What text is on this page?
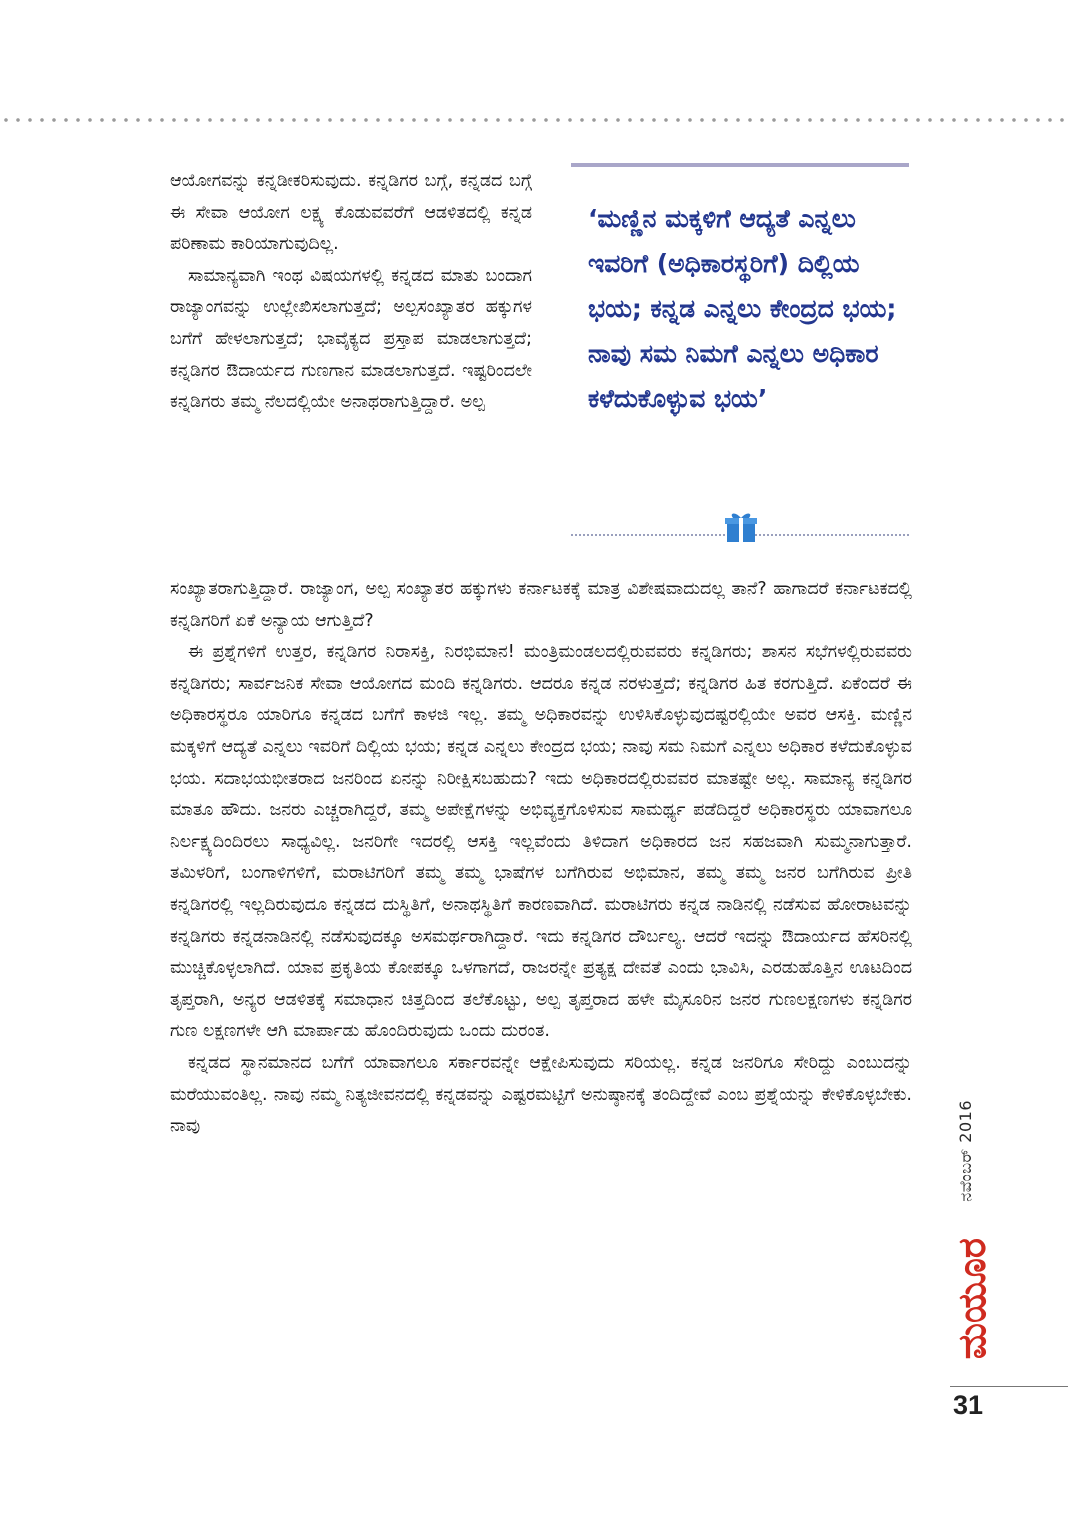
ಆಯೋಗವನ್ನು ಕನ್ನಡೀಕರಿಸುವುದು. ಕನ್ನಡಿಗರ ಬಗ್ಗೆ, ಕನ್ನಡದ ಬಗ್ಗೆ ಈ ಸೇವಾ ಆಯೋಗ ಲಕ್ಷ್ಯ ಕೊಡುವವರೆಗೆ ಆಡಳಿತದಲ್ಲಿ ಕನ್ನಡ ಪರಿಣಾಮ ಕಾರಿಯಾಗುವುದಿಲ್ಲ.

ಸಾಮಾನ್ಯವಾಗಿ ಇಂಥ ವಿಷಯಗಳಲ್ಲಿ ಕನ್ನಡದ ಮಾತು ಬಂದಾಗ ರಾಜ್ಯಾಂಗವನ್ನು ಉಲ್ಲೇಖಿಸಲಾಗುತ್ತದೆ; ಅಲ್ಪಸಂಖ್ಯಾತರ ಹಕ್ಕುಗಳ ಬಗೆಗೆ ಹೇಳಲಾಗುತ್ತದೆ; ಭಾವೈಕ್ಯದ ಪ್ರಸ್ತಾಪ ಮಾಡಲಾಗುತ್ತದೆ; ಕನ್ನಡಿಗರ ಔದಾರ್ಯದ ಗುಣಗಾನ ಮಾಡಲಾಗುತ್ತದೆ. ಇಷ್ಟರಿಂದಲೇ ಕನ್ನಡಿಗರು ತಮ್ಮ ನೆಲದಲ್ಲಿಯೇ ಅನಾಥರಾಗುತ್ತಿದ್ದಾರೆ. ಅಲ್ಪ

‘ಮಣ್ಣಿನ ಮಕ್ಕಳಿಗೆ ಆದ್ಯತೆ ಎನ್ನಲು ಇವರಿಗೆ (ಅಧಿಕಾರಸ್ಥರಿಗೆ) ದಿಲ್ಲಿಯ ಭಯ; ಕನ್ನಡ ಎನ್ನಲು ಕೇಂದ್ರದ ಭಯ; ನಾವು ಸಮ ನಿಮಗೆ ಎನ್ನಲು ಅಧಿಕಾರ ಕಳೆದುಕೊಳ್ಳುವ ಭಯ’

ಸಂಖ್ಯಾತರಾಗುತ್ತಿದ್ದಾರೆ. ರಾಜ್ಯಾಂಗ, ಅಲ್ಪ ಸಂಖ್ಯಾತರ ಹಕ್ಕುಗಳು ಕರ್ನಾಟಕಕ್ಕೆ ಮಾತ್ರ ವಿಶೇಷವಾದುದಲ್ಲ ತಾನೆ? ಹಾಗಾದರೆ ಕರ್ನಾಟಕದಲ್ಲಿ ಕನ್ನಡಿಗರಿಗೆ ಏಕೆ ಅನ್ಯಾಯ ಆಗುತ್ತಿದೆ?

ಈ ಪ್ರಶ್ನೆಗಳಿಗೆ ಉತ್ತರ, ಕನ್ನಡಿಗರ ನಿರಾಸಕ್ತಿ, ನಿರಭಿಮಾನ! ಮಂತ್ರಿಮಂಡಲದಲ್ಲಿರುವವರು ಕನ್ನಡಿಗರು; ಶಾಸನ ಸಭೆಗಳಲ್ಲಿರುವವರು ಕನ್ನಡಿಗರು; ಸಾರ್ವಜನಿಕ ಸೇವಾ ಆಯೋಗದ ಮಂದಿ ಕನ್ನಡಿಗರು. ಆದರೂ ಕನ್ನಡ ನರಳುತ್ತದೆ; ಕನ್ನಡಿಗರ ಹಿತ ಕರಗುತ್ತಿದೆ. ಏಕೆಂದರೆ ಈ ಅಧಿಕಾರಸ್ಥರೂ ಯಾರಿಗೂ ಕನ್ನಡದ ಬಗೆಗೆ ಕಾಳಜಿ ಇಲ್ಲ. ತಮ್ಮ ಅಧಿಕಾರವನ್ನು ಉಳಿಸಿಕೊಳ್ಳುವುದಷ್ಟರಲ್ಲಿಯೇ ಅವರ ಆಸಕ್ತಿ. ಮಣ್ಣಿನ ಮಕ್ಕಳಿಗೆ ಆದ್ಯತೆ ಎನ್ನಲು ಇವರಿಗೆ ದಿಲ್ಲಿಯ ಭಯ; ಕನ್ನಡ ಎನ್ನಲು ಕೇಂದ್ರದ ಭಯ; ನಾವು ಸಮ ನಿಮಗೆ ಎನ್ನಲು ಅಧಿಕಾರ ಕಳೆದುಕೊಳ್ಳುವ ಭಯ. ಸದಾಭಯಭೀತರಾದ ಜನರಿಂದ ಏನನ್ನು ನಿರೀಕ್ಷಿಸಬಹುದು? ಇದು ಅಧಿಕಾರದಲ್ಲಿರುವವರ ಮಾತಷ್ಟೇ ಅಲ್ಲ. ಸಾಮಾನ್ಯ ಕನ್ನಡಿಗರ ಮಾತೂ ಹೌದು. ಜನರು ಎಚ್ಚರಾಗಿದ್ದರೆ, ತಮ್ಮ ಅಪೇಕ್ಷೆಗಳನ್ನು ಅಭಿವ್ಯಕ್ತಗೊಳಿಸುವ ಸಾಮರ್ಥ್ಯ ಪಡೆದಿದ್ದರೆ ಅಧಿಕಾರಸ್ಥರು ಯಾವಾಗಲೂ ನಿರ್ಲಕ್ಷ್ಯದಿಂದಿರಲು ಸಾಧ್ಯವಿಲ್ಲ. ಜನರಿಗೇ ಇದರಲ್ಲಿ ಆಸಕ್ತಿ ಇಲ್ಲವೆಂದು ತಿಳಿದಾಗ ಅಧಿಕಾರದ ಜನ ಸಹಜವಾಗಿ ಸುಮ್ಮನಾಗುತ್ತಾರೆ. ತಮಿಳರಿಗೆ, ಬಂಗಾಳಿಗಳಿಗೆ, ಮರಾಟಿಗರಿಗೆ ತಮ್ಮ ತಮ್ಮ ಭಾಷೆಗಳ ಬಗೆಗಿರುವ ಅಭಿಮಾನ, ತಮ್ಮ ತಮ್ಮ ಜನರ ಬಗೆಗಿರುವ ಪ್ರೀತಿ ಕನ್ನಡಿಗರಲ್ಲಿ ಇಲ್ಲದಿರುವುದೂ ಕನ್ನಡದ ದುಸ್ಥಿತಿಗೆ, ಅನಾಥಸ್ಥಿತಿಗೆ ಕಾರಣವಾಗಿದೆ. ಮರಾಟಿಗರು ಕನ್ನಡ ನಾಡಿನಲ್ಲಿ ನಡೆಸುವ ಹೋರಾಟವನ್ನು ಕನ್ನಡಿಗರು ಕನ್ನಡನಾಡಿನಲ್ಲಿ ನಡೆಸುವುದಕ್ಕೂ ಅಸಮರ್ಥರಾಗಿದ್ದಾರೆ. ಇದು ಕನ್ನಡಿಗರ ದೌರ್ಬಲ್ಯ. ಆದರೆ ಇದನ್ನು ಔದಾರ್ಯದ ಹೆಸರಿನಲ್ಲಿ ಮುಚ್ಚಿಕೊಳ್ಳಲಾಗಿದೆ. ಯಾವ ಪ್ರಕೃತಿಯ ಕೋಪಕ್ಕೂ ಒಳಗಾಗದೆ, ರಾಜರನ್ನೇ ಪ್ರತ್ಯಕ್ಷ ದೇವತೆ ಎಂದು ಭಾವಿಸಿ, ಎರಡುಹೊತ್ತಿನ ಊಟದಿಂದ ತೃಪ್ತರಾಗಿ, ಅನ್ಯರ ಆಡಳಿತಕ್ಕೆ ಸಮಾಧಾನ ಚಿತ್ತದಿಂದ ತಲೆಕೊಟ್ಟು, ಅಲ್ಪ ತೃಪ್ತರಾದ ಹಳೇ ಮೈಸೂರಿನ ಜನರ ಗುಣಲಕ್ಷಣಗಳು ಕನ್ನಡಿಗರ ಗುಣ ಲಕ್ಷಣಗಳೇ ಆಗಿ ಮಾರ್ಪಾಡು ಹೊಂದಿರುವುದು ಒಂದು ದುರಂತ.

ಕನ್ನಡದ ಸ್ಥಾನಮಾನದ ಬಗೆಗೆ ಯಾವಾಗಲೂ ಸರ್ಕಾರವನ್ನೇ ಆಕ್ಷೇಪಿಸುವುದು ಸರಿಯಲ್ಲ. ಕನ್ನಡ ಜನರಿಗೂ ಸೇರಿದ್ದು ಎಂಬುದನ್ನು ಮರೆಯುವಂತಿಲ್ಲ. ನಾವು ನಮ್ಮ ನಿತ್ಯಜೀವನದಲ್ಲಿ ಕನ್ನಡವನ್ನು ಎಷ್ಟರಮಟ್ಟಿಗೆ ಅನುಷ್ಠಾನಕ್ಕೆ ತಂದಿದ್ದೇವೆ ಎಂಬ ಪ್ರಶ್ನೆಯನ್ನು ಕೇಳಿಕೊಳ್ಳಬೇಕು. ನಾವು	ನವೆಂಬರ್ 2016
ಮಯೂರ
31
